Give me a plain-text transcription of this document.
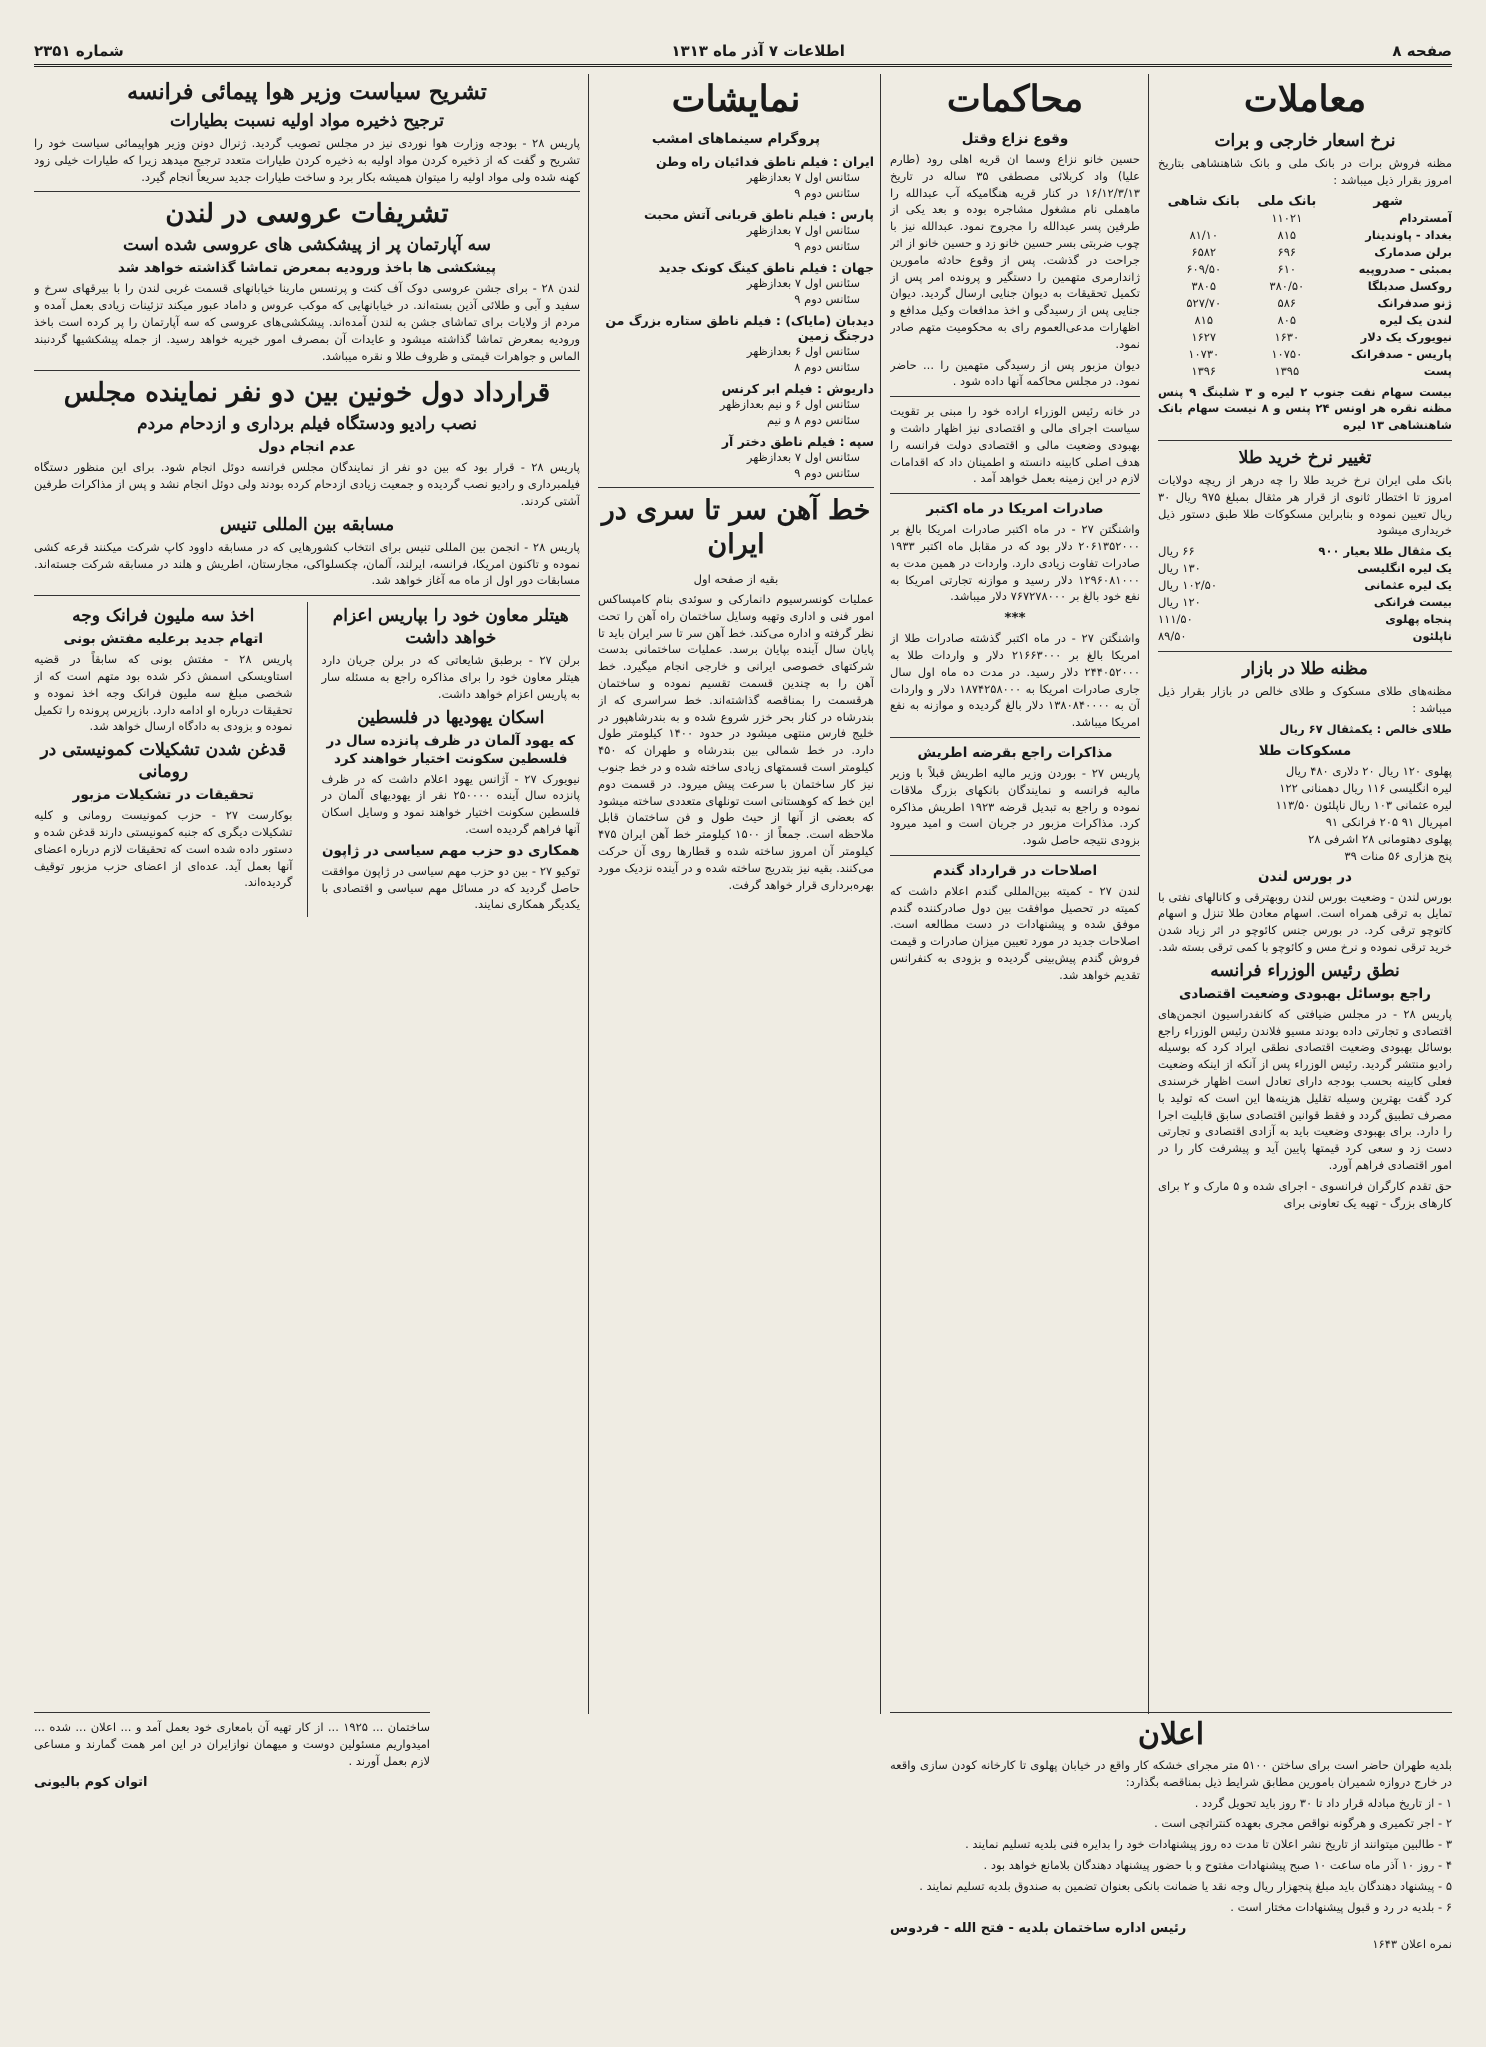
صفحه ۸
اطلاعات ۷ آذر ماه ۱۳۱۳
شماره ۲۳۵۱
معاملات
نرخ اسعار خارجی و برات
مظنه فروش برات در بانک ملی و بانک شاهنشاهی بتاریخ امروز بقرار ذیل میباشد :
شهر	بانک ملی	بانک شاهی
آمستردام	۱۱۰۲۱	
بغداد - پاوندینار	۸۱۵	۸۱/۱۰
برلن صدمارک	۶۹۶	۶۵۸۲
بمبئی - صدروپیه	۶۱۰	۶۰۹/۵۰
روکسل صدبلگا	۳۸۰/۵۰	۳۸۰۵
ژنو صدفرانک	۵۸۶	۵۲۷/۷۰
لندن یک لیره	۸۰۵	۸۱۵
نیویورک یک دلار	۱۶۳۰	۱۶۲۷
پاریس - صدفرانک	۱۰۷۵۰	۱۰۷۳۰
پست	۱۳۹۵	۱۳۹۶
بیست سهام نفت جنوب ۲ لیره و ۳ شلینگ ۹ پنس مظنه نقره هر اونس ۲۴ پنس و ۸ نیست سهام بانک شاهنشاهی ۱۳ لیره
تغییر نرخ خرید طلا
بانک ملی ایران نرخ خرید طلا را چه درهر از ریچه دولایات امروز تا اختطار ثانوی از قرار هر مثقال بمبلغ ۹۷۵ ریال ۳۰ ریال تعیین نموده و بنابراین مسکوکات طلا طبق دستور ذیل خریداری میشود
یک مثقال طلا بعیار ۹۰۰
۶۶ ریال
یک لیره انگلیسی
۱۳۰ ریال
یک لیره عثمانی
۱۰۲/۵۰ ریال
بیست فرانکی
۱۲۰ ریال
پنجاه پهلوی
۱۱۱/۵۰
ناپلئون
۸۹/۵۰
مظنه طلا در بازار
مظنه‌های طلای مسکوک و طلای خالص در بازار بقرار ذیل میباشد :
طلای خالص : یکمثقال ۶۷ ریال
مسکوکات طلا
پهلوی ۱۲۰ ریال ۲۰ دلاری ۴۸۰ ریال
لیره انگلیسی ۱۱۶ ریال دهمنانی ۱۲۲
لیره عثمانی ۱۰۳ ریال ناپلئون ۱۱۳/۵۰
امپریال ۹۱ ۲۰۵ فرانکی ۹۱
پهلوی دهتومانی ۲۸ اشرفی ۲۸
پنج هزاری ۵۶ منات ۳۹
در بورس لندن
بورس لندن - وضعیت بورس لندن روبهترقی و کانالهای نفتی با تمایل به ترقی همراه است. اسهام معادن طلا تنزل و اسهام کاتوچو ترقی کرد. در بورس جنس کائوچو در اثر زیاد شدن خرید ترقی نموده و نرخ مس و کائوچو با کمی ترقی بسته شد.
نطق رئیس الوزراء فرانسه
راجع بوسائل بهبودی وضعیت اقتصادی
پاریس ۲۸ - در مجلس ضیافتی که کانفدراسیون انجمن‌های اقتصادی و تجارتی داده بودند مسیو فلاندن رئیس الوزراء راجع بوسائل بهبودی وضعیت اقتصادی نطقی ایراد کرد که بوسیله رادیو منتشر گردید. رئیس الوزراء پس از آنکه از اینکه وضعیت فعلی کابینه بحسب بودجه دارای تعادل است اظهار خرسندی کرد گفت بهترین وسیله تقلیل هزینه‌ها این است که تولید با مصرف تطبیق گردد و فقط قوانین اقتصادی سابق قابلیت اجرا را دارد. برای بهبودی وضعیت باید به آزادی اقتصادی و تجارتی دست زد و سعی کرد قیمتها پایین آید و پیشرفت کار را در امور اقتصادی فراهم آورد.
حق تقدم کارگران فرانسوی - اجرای شده و ۵ مارک و ۲ برای کارهای بزرگ - تهیه یک تعاونی برای
محاکمات
وقوع نزاع وقتل
حسین خانو نزاع وسما ان قریه اهلی رود (طارم علیا) واد کربلائی مصطفی ۳۵ ساله در تاریخ ۱۶/۱۲/۳/۱۳ در کنار قریه هنگامیکه آب عبدالله را ماهملی نام مشغول مشاجره بوده و بعد یکی از طرفین پسر عبدالله را مجروح نمود. عبدالله نیز با چوب ضربتی بسر حسین خانو زد و حسین خانو از اثر جراحت در گذشت. پس از وقوع حادثه مامورین ژاندارمری متهمین را دستگیر و پرونده امر پس از تکمیل تحقیقات به دیوان جنایی ارسال گردید. دیوان جنایی پس از رسیدگی و اخذ مدافعات وکیل مدافع و اظهارات مدعی‌العموم رای به محکومیت متهم صادر نمود.
دیوان مزبور پس از رسیدگی متهمین را ... حاضر نمود. در مجلس محاکمه آنها داده شود .
در خانه رئیس الوزراء اراده خود را مبنی بر تقویت سیاست اجرای مالی و اقتصادی نیز اظهار داشت و بهبودی وضعیت مالی و اقتصادی دولت فرانسه را هدف اصلی کابینه دانسته و اطمینان داد که اقدامات لازم در این زمینه بعمل خواهد آمد .
صادرات امریکا در ماه اکتبر
واشنگتن ۲۷ - در ماه اکتبر صادرات امریکا بالغ بر ۲۰۶۱۳۵۲۰۰۰ دلار بود که در مقابل ماه اکتبر ۱۹۳۳ صادرات تفاوت زیادی دارد. واردات در همین مدت به ۱۲۹۶۰۸۱۰۰۰ دلار رسید و موازنه تجارتی امریکا به نفع خود بالغ بر ۷۶۷۲۷۸۰۰۰ دلار میباشد.
***
واشنگتن ۲۷ - در ماه اکتبر گذشته صادرات طلا از امریکا بالغ بر ۲۱۶۶۳۰۰۰ دلار و واردات طلا به ۲۴۴۰۵۲۰۰۰ دلار رسید. در مدت ده ماه اول سال جاری صادرات امریکا به ۱۸۷۴۲۵۸۰۰۰ دلار و واردات آن به ۱۳۸۰۸۴۰۰۰۰ دلار بالغ گردیده و موازنه به نفع امریکا میباشد.
مذاکرات راجع بقرضه اطریش
پاریس ۲۷ - بوردن وزیر مالیه اطریش قبلاً با وزیر مالیه فرانسه و نمایندگان بانکهای بزرگ ملاقات نموده و راجع به تبدیل قرضه ۱۹۲۳ اطریش مذاکره کرد. مذاکرات مزبور در جریان است و امید میرود بزودی نتیجه حاصل شود.
اصلاحات در قرارداد گندم
لندن ۲۷ - کمیته بین‌المللی گندم اعلام داشت که کمیته در تحصیل موافقت بین دول صادرکننده گندم موفق شده و پیشنهادات در دست مطالعه است. اصلاحات جدید در مورد تعیین میزان صادرات و قیمت فروش گندم پیش‌بینی گردیده و بزودی به کنفرانس تقدیم خواهد شد.
نمایشات
پروگرام سینماهای امشب
ایران : فیلم ناطق فدائیان راه وطن
سئانس اول ۷ بعدازظهر
سئانس دوم ۹
پارس : فیلم ناطق قربانی آتش محبت
سئانس اول ۷ بعدازظهر
سئانس دوم ۹
جهان : فیلم ناطق کینگ کونک جدید
سئانس اول ۷ بعدازظهر
سئانس دوم ۹
دیدبان (مایاک) : فیلم ناطق ستاره بزرگ من درجنگ زمین
سئانس اول ۶ بعدازظهر
سئانس دوم ۸
داریوش : فیلم ابر کرنس
سئانس اول ۶ و نیم بعدازظهر
سئانس دوم ۸ و نیم
سپه : فیلم ناطق دختر آر
سئانس اول ۷ بعدازظهر
سئانس دوم ۹
خط آهن سر تا سری در ایران
بقیه از صفحه اول
عملیات کونسرسیوم دانمارکی و سوئدی بنام کامپساکس امور فنی و اداری وتهیه وسایل ساختمان راه آهن را تحت نظر گرفته و اداره می‌کند. خط آهن سر تا سر ایران باید تا پایان سال آینده بپایان برسد. عملیات ساختمانی بدست شرکتهای خصوصی ایرانی و خارجی انجام میگیرد. خط آهن را به چندین قسمت تقسیم نموده و ساختمان هرقسمت را بمناقصه گذاشته‌اند. خط سراسری که از بندرشاه در کنار بحر خزر شروع شده و به بندرشاهپور در خلیج فارس منتهی میشود در حدود ۱۴۰۰ کیلومتر طول دارد. در خط شمالی بین بندرشاه و طهران که ۴۵۰ کیلومتر است قسمتهای زیادی ساخته شده و در خط جنوب نیز کار ساختمان با سرعت پیش میرود. در قسمت دوم این خط که کوهستانی است تونلهای متعددی ساخته میشود که بعضی از آنها از حیث طول و فن ساختمان قابل ملاحظه است. جمعاً از ۱۵۰۰ کیلومتر خط آهن ایران ۴۷۵ کیلومتر آن امروز ساخته شده و قطارها روی آن حرکت می‌کنند. بقیه نیز بتدریج ساخته شده و در آینده نزدیک مورد بهره‌برداری قرار خواهد گرفت.
تشریح سیاست وزیر هوا پیمائی فرانسه
ترجیح ذخیره مواد اولیه نسبت بطیارات
پاریس ۲۸ - بودجه وزارت هوا نوردی نیز در مجلس تصویب گردید. ژنرال دونن وزیر هواپیمائی سیاست خود را تشریح و گفت که از ذخیره کردن مواد اولیه به ذخیره کردن طیارات متعدد ترجیح میدهد زیرا که طیارات خیلی زود کهنه شده ولی مواد اولیه را میتوان همیشه بکار برد و ساخت طیارات جدید سریعاً انجام گیرد.
تشریفات عروسی در لندن
سه آپارتمان پر از پیشکشی های عروسی شده است
پیشکشی ها باخذ ورودیه بمعرض تماشا گذاشته خواهد شد
لندن ۲۸ - برای جشن عروسی دوک آف کنت و پرنسس مارینا خیابانهای قسمت غربی لندن را با بیرقهای سرخ و سفید و آبی و طلائی آذین بسته‌اند. در خیابانهایی که موکب عروس و داماد عبور میکند تزئینات زیادی بعمل آمده و مردم از ولایات برای تماشای جشن به لندن آمده‌اند. پیشکشی‌های عروسی که سه آپارتمان را پر کرده است باخذ ورودیه بمعرض تماشا گذاشته میشود و عایدات آن بمصرف امور خیریه خواهد رسید. از جمله پیشکشیها گردنبند الماس و جواهرات قیمتی و ظروف طلا و نقره میباشد.
قرارداد دول خونین بین دو نفر نماینده مجلس
نصب رادیو ودستگاه فیلم برداری و ازدحام مردم
عدم انجام دول
پاریس ۲۸ - قرار بود که بین دو نفر از نمایندگان مجلس فرانسه دوئل انجام شود. برای این منظور دستگاه فیلمبرداری و رادیو نصب گردیده و جمعیت زیادی ازدحام کرده بودند ولی دوئل انجام نشد و پس از مذاکرات طرفین آشتی کردند.
مسابقه بین المللی تنیس
پاریس ۲۸ - انجمن بین المللی تنیس برای انتخاب کشورهایی که در مسابقه داوود کاپ شرکت میکنند قرعه کشی نموده و تاکنون امریکا، فرانسه، ایرلند، آلمان، چکسلواکی، مجارستان، اطریش و هلند در مسابقه شرکت جسته‌اند. مسابقات دور اول از ماه مه آغاز خواهد شد.
هیتلر معاون خود را بپاریس اعزام خواهد داشت
برلن ۲۷ - برطبق شایعاتی که در برلن جریان دارد هیتلر معاون خود را برای مذاکره راجع به مسئله سار به پاریس اعزام خواهد داشت.
اسکان یهودیها در فلسطین
که یهود آلمان در ظرف پانزده سال در فلسطین سکونت اختیار خواهند کرد
نیویورک ۲۷ - آژانس یهود اعلام داشت که در ظرف پانزده سال آینده ۲۵۰۰۰۰ نفر از یهودیهای آلمان در فلسطین سکونت اختیار خواهند نمود و وسایل اسکان آنها فراهم گردیده است.
همکاری دو حزب مهم سیاسی در ژاپون
توکیو ۲۷ - بین دو حزب مهم سیاسی در ژاپون موافقت حاصل گردید که در مسائل مهم سیاسی و اقتصادی با یکدیگر همکاری نمایند.
اخذ سه ملیون فرانک وجه
اتهام جدید برعلیه مفتش بونی
پاریس ۲۸ - مفتش بونی که سابقاً در قضیه استاویسکی اسمش ذکر شده بود متهم است که از شخصی مبلغ سه ملیون فرانک وجه اخذ نموده و تحقیقات درباره او ادامه دارد. بازپرس پرونده را تکمیل نموده و بزودی به دادگاه ارسال خواهد شد.
قدغن شدن تشکیلات کمونیستی در رومانی
تحقیقات در تشکیلات مزبور
بوکارست ۲۷ - حزب کمونیست رومانی و کلیه تشکیلات دیگری که جنبه کمونیستی دارند قدغن شده و دستور داده شده است که تحقیقات لازم درباره اعضای آنها بعمل آید. عده‌ای از اعضای حزب مزبور توقیف گردیده‌اند.
ساختمان ... ۱۹۲۵ ... از کار تهیه آن بامعاری خود بعمل آمد و ... اعلان ... شده ... امیدواریم مسئولین دوست و میهمان نوازایران در این امر همت گمارند و مساعی لازم بعمل آورند .
اتوان کوم بالیونی
اعلان
بلدیه طهران حاضر است برای ساختن ۵۱۰۰ متر مجرای خشکه کار واقع در خیابان پهلوی تا کارخانه کودن سازی واقعه در خارج دروازه شمیران بامورین مطابق شرایط ذیل بمناقصه بگذارد:
۱ - از تاریخ مبادله قرار داد تا ۳۰ روز باید تحویل گردد .
۲ - اجر تکمیری و هرگونه نواقص مجری بعهده کنتراتچی است .
۳ - طالبین میتوانند از تاریخ نشر اعلان تا مدت ده روز پیشنهادات خود را بدایره فنی بلدیه تسلیم نمایند .
۴ - روز ۱۰ آذر ماه ساعت ۱۰ صبح پیشنهادات مفتوح و با حضور پیشنهاد دهندگان بلامانع خواهد بود .
۵ - پیشنهاد دهندگان باید مبلغ پنجهزار ریال وجه نقد یا ضمانت بانکی بعنوان تضمین به صندوق بلدیه تسلیم نمایند .
۶ - بلدیه در رد و قبول پیشنهادات مختار است .
رئیس اداره ساختمان بلدیه - فتح الله - فردوس
نمره اعلان ۱۶۴۳
